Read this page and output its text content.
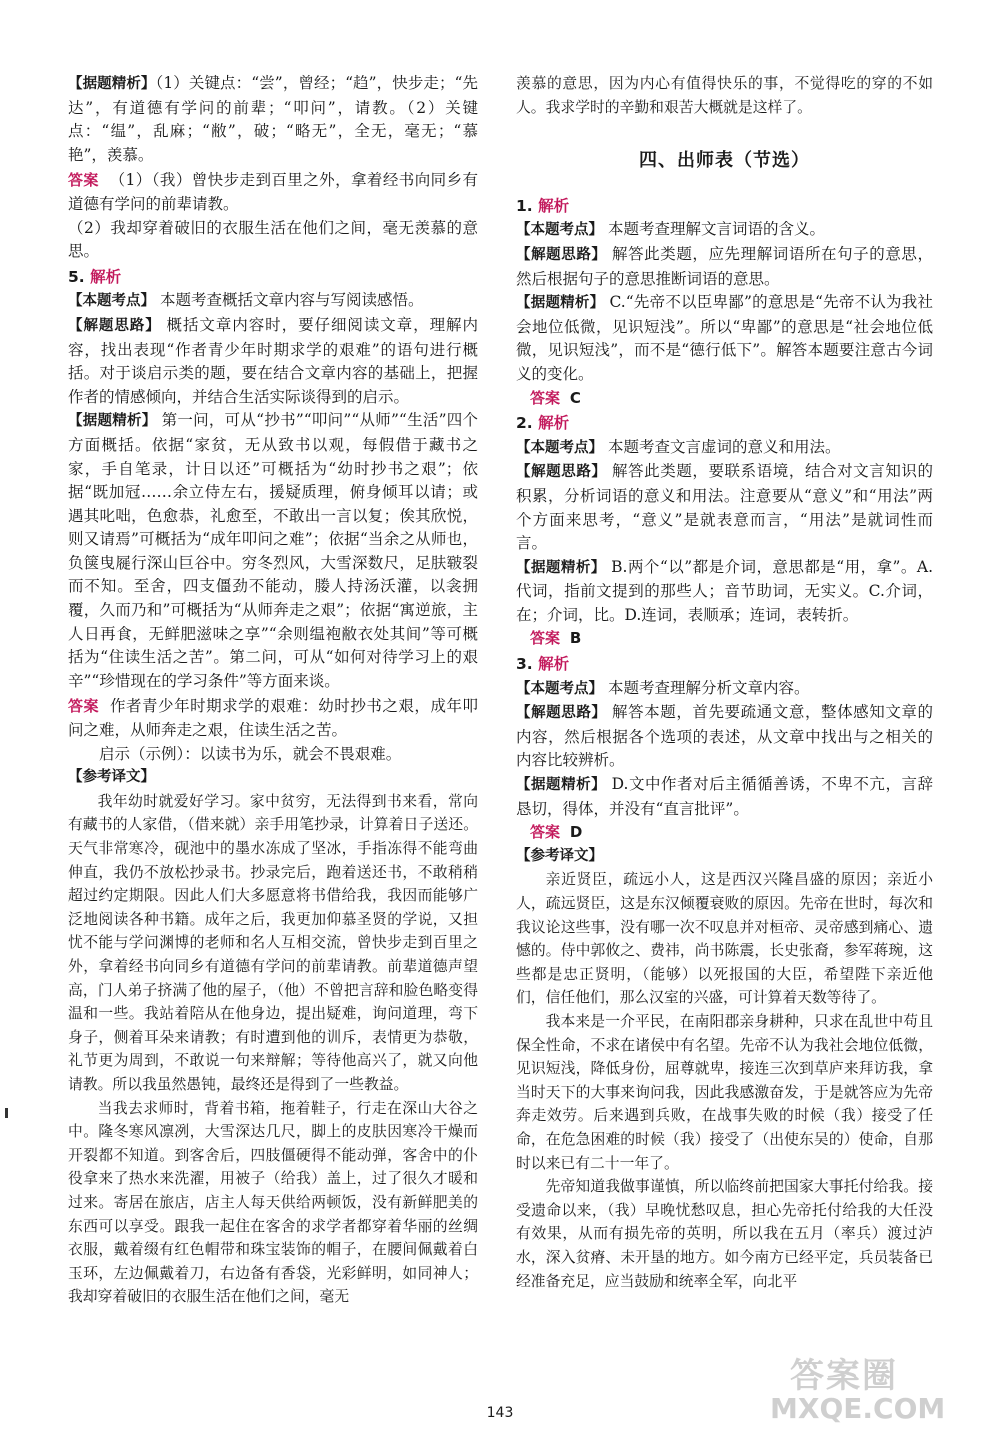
【据题精析】（1）关键点：“尝”，曾经；“趋”，快步走；“先达”，有道德有学问的前辈；“叩问”，请教。（2）关键点：“缊”，乱麻；“敝”，破；“略无”，全无，毫无；“慕艳”，羡慕。
答案 （1）（我）曾快步走到百里之外，拿着经书向同乡有道德有学问的前辈请教。
（2）我却穿着破旧的衣服生活在他们之间，毫无羡慕的意思。
5. 解析
【本题考点】 本题考查概括文章内容与写阅读感悟。
【解题思路】 概括文章内容时，要仔细阅读文章，理解内容，找出表现“作者青少年时期求学的艰难”的语句进行概括。对于谈启示类的题，要在结合文章内容的基础上，把握作者的情感倾向，并结合生活实际谈得到的启示。
【据题精析】 第一问，可从“抄书”“叩问”“从师”“生活”四个方面概括。依据“家贫，无从致书以观，每假借于藏书之家，手自笔录，计日以还”可概括为“幼时抄书之艰”；依据“既加冠……余立侍左右，援疑质理，俯身倾耳以请；或遇其叱咄，色愈恭，礼愈至，不敢出一言以复；俟其欣悦，则又请焉”可概括为“成年叩问之难”；依据“当余之从师也，负箧曳屣行深山巨谷中。穷冬烈风，大雪深数尺，足肤皲裂而不知。至舍，四支僵劲不能动，媵人持汤沃灌，以衾拥覆，久而乃和”可概括为“从师奔走之艰”；依据“寓逆旅，主人日再食，无鲜肥滋味之享”“余则缊袍敝衣处其间”等可概括为“住读生活之苦”。第二问，可从“如何对待学习上的艰辛”“珍惜现在的学习条件”等方面来谈。
答案 作者青少年时期求学的艰难：幼时抄书之艰，成年叩问之难，从师奔走之艰，住读生活之苦。
启示（示例）：以读书为乐，就会不畏艰难。
【参考译文】
我年幼时就爱好学习。家中贫穷，无法得到书来看，常向有藏书的人家借，（借来就）亲手用笔抄录，计算着日子送还。天气非常寒冷，砚池中的墨水冻成了坚冰，手指冻得不能弯曲伸直，我仍不放松抄录书。抄录完后，跑着送还书，不敢稍稍超过约定期限。因此人们大多愿意将书借给我，我因而能够广泛地阅读各种书籍。成年之后，我更加仰慕圣贤的学说，又担忧不能与学问渊博的老师和名人互相交流，曾快步走到百里之外，拿着经书向同乡有道德有学问的前辈请教。前辈道德声望高，门人弟子挤满了他的屋子，（他）不曾把言辞和脸色略变得温和一些。我站着陪从在他身边，提出疑难，询问道理，弯下身子，侧着耳朵来请教；有时遭到他的训斥，表情更为恭敬，礼节更为周到，不敢说一句来辩解；等待他高兴了，就又向他请教。所以我虽然愚钝，最终还是得到了一些教益。
当我去求师时，背着书箱，拖着鞋子，行走在深山大谷之中。隆冬寒风凛冽，大雪深达几尺，脚上的皮肤因寒冷干燥而开裂都不知道。到客舍后，四肢僵硬得不能动弹，客舍中的仆役拿来了热水来洗濯，用被子（给我）盖上，过了很久才暖和过来。寄居在旅店，店主人每天供给两顿饭，没有新鲜肥美的东西可以享受。跟我一起住在客舍的求学者都穿着华丽的丝绸衣服，戴着缀有红色帽带和珠宝装饰的帽子，在腰间佩戴着白玉环，左边佩戴着刀，右边备有香袋，光彩鲜明，如同神人；我却穿着破旧的衣服生活在他们之间，毫无
羡慕的意思，因为内心有值得快乐的事，不觉得吃的穿的不如人。我求学时的辛勤和艰苦大概就是这样了。
四、出师表（节选）
1. 解析
【本题考点】 本题考查理解文言词语的含义。
【解题思路】 解答此类题，应先理解词语所在句子的意思，然后根据句子的意思推断词语的意思。
【据题精析】 C.“先帝不以臣卑鄙”的意思是“先帝不认为我社会地位低微，见识短浅”。所以“卑鄙”的意思是“社会地位低微，见识短浅”，而不是“德行低下”。解答本题要注意古今词义的变化。
答案 C
2. 解析
【本题考点】 本题考查文言虚词的意义和用法。
【解题思路】 解答此类题，要联系语境，结合对文言知识的积累，分析词语的意义和用法。注意要从“意义”和“用法”两个方面来思考，“意义”是就表意而言，“用法”是就词性而言。
【据题精析】 B.两个“以”都是介词，意思都是“用，拿”。A.代词，指前文提到的那些人；音节助词，无实义。C.介词，在；介词，比。D.连词，表顺承；连词，表转折。
答案 B
3. 解析
【本题考点】 本题考查理解分析文章内容。
【解题思路】 解答本题，首先要疏通文意，整体感知文章的内容，然后根据各个选项的表述，从文章中找出与之相关的内容比较辨析。
【据题精析】 D.文中作者对后主循循善诱，不卑不亢，言辞恳切，得体，并没有“直言批评”。
答案 D
【参考译文】
亲近贤臣，疏远小人，这是西汉兴隆昌盛的原因；亲近小人，疏远贤臣，这是东汉倾覆衰败的原因。先帝在世时，每次和我议论这些事，没有哪一次不叹息并对桓帝、灵帝感到痛心、遗憾的。侍中郭攸之、费祎，尚书陈震，长史张裔，参军蒋琬，这些都是忠正贤明，（能够）以死报国的大臣，希望陛下亲近他们，信任他们，那么汉室的兴盛，可计算着天数等待了。
我本来是一介平民，在南阳郡亲身耕种，只求在乱世中苟且保全性命，不求在诸侯中有名望。先帝不认为我社会地位低微，见识短浅，降低身份，屈尊就卑，接连三次到草庐来拜访我，拿当时天下的大事来询问我，因此我感激奋发，于是就答应为先帝奔走效劳。后来遇到兵败，在战事失败的时候（我）接受了任命，在危急困难的时候（我）接受了（出使东吴的）使命，自那时以来已有二十一年了。
先帝知道我做事谨慎，所以临终前把国家大事托付给我。接受遗命以来，（我）早晚忧愁叹息，担心先帝托付给我的大任没有效果，从而有损先帝的英明，所以我在五月（率兵）渡过泸水，深入贫瘠、未开垦的地方。如今南方已经平定，兵员装备已经准备充足，应当鼓励和统率全军，向北平
143
答案圈
MXQE.COM
